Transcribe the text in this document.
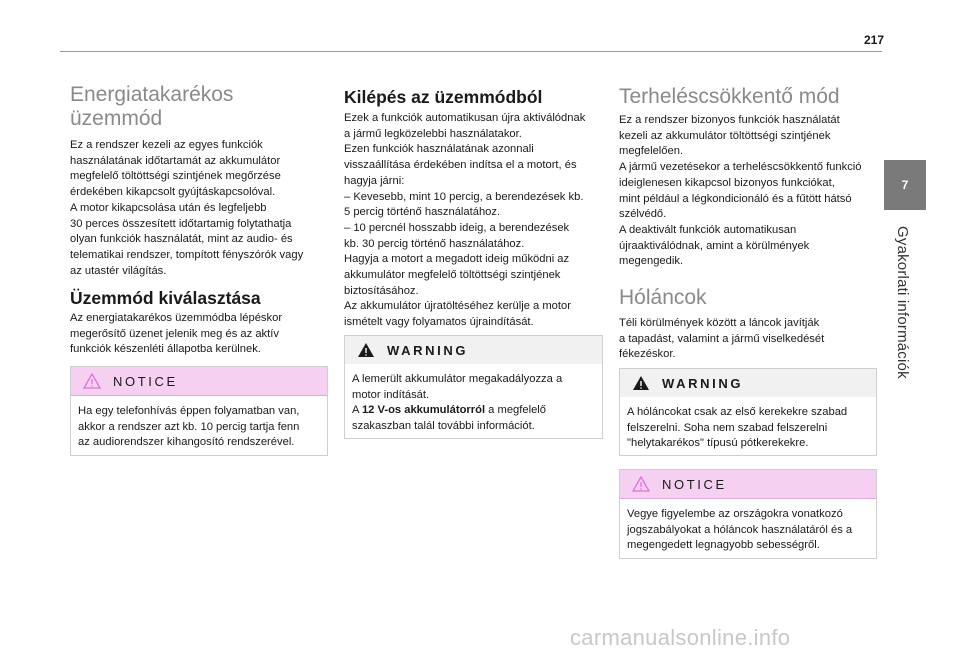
217
7
Gyakorlati információk
Energiatakarékos
üzemmód

Ez a rendszer kezeli az egyes funkciók
használatának időtartamát az akkumulátor
megfelelő töltöttségi szintjének megőrzése
érdekében kikapcsolt gyújtáskapcsolóval.
A motor kikapcsolása után és legfeljebb
30 perces összesített időtartamig folytathatja
olyan funkciók használatát, mint az audio- és
telematikai rendszer, tompított fényszórók vagy
az utastér világítás.

Üzemmód kiválasztása

Az energiatakarékos üzemmódba lépéskor
megerősítő üzenet jelenik meg és az aktív
funkciók készenléti állapotba kerülnek.

NOTICE
Ha egy telefonhívás éppen folyamatban van,
akkor a rendszer azt kb. 10 percig tartja fenn
az audiorendszer kihangosító rendszerével.
Kilépés az üzemmódból

Ezek a funkciók automatikusan újra aktiválódnak
a jármű legközelebbi használatakor.
Ezen funkciók használatának azonnali
visszaállítása érdekében indítsa el a motort, és
hagyja járni:
– Kevesebb, mint 10 percig, a berendezések kb.
5 percig történő használatához.
– 10 percnél hosszabb ideig, a berendezések
kb. 30 percig történő használatához.
Hagyja a motort a megadott ideig működni az
akkumulátor megfelelő töltöttségi szintjének
biztosításához.
Az akkumulátor újratöltéséhez kerülje a motor
ismételt vagy folyamatos újraindítását.

WARNING
A lemerült akkumulátor megakadályozza a
motor indítását.
A 12 V-os akkumulátorról a megfelelő
szakaszban talál további információt.
Terheléscsökkentő mód

Ez a rendszer bizonyos funkciók használatát
kezeli az akkumulátor töltöttségi szintjének
megfelelően.
A jármű vezetésekor a terheléscsökkentő funkció
ideiglenesen kikapcsol bizonyos funkciókat,
mint például a légkondicionáló és a fűtött hátsó
szélvédő.
A deaktivált funkciók automatikusan
újraaktiválódnak, amint a körülmények
megengedik.

Hóláncok

Téli körülmények között a láncok javítják
a tapadást, valamint a jármű viselkedését
fékezéskor.

WARNING
A hóláncokat csak az első kerekekre szabad
felszerelni. Soha nem szabad felszerelni
"helytakarékos" típusú pótkerekekre.
NOTICE
Vegye figyelembe az országokra vonatkozó
jogszabályokat a hóláncok használatáról és a
megengedett legnagyobb sebességről.
carmanualsonline.info
